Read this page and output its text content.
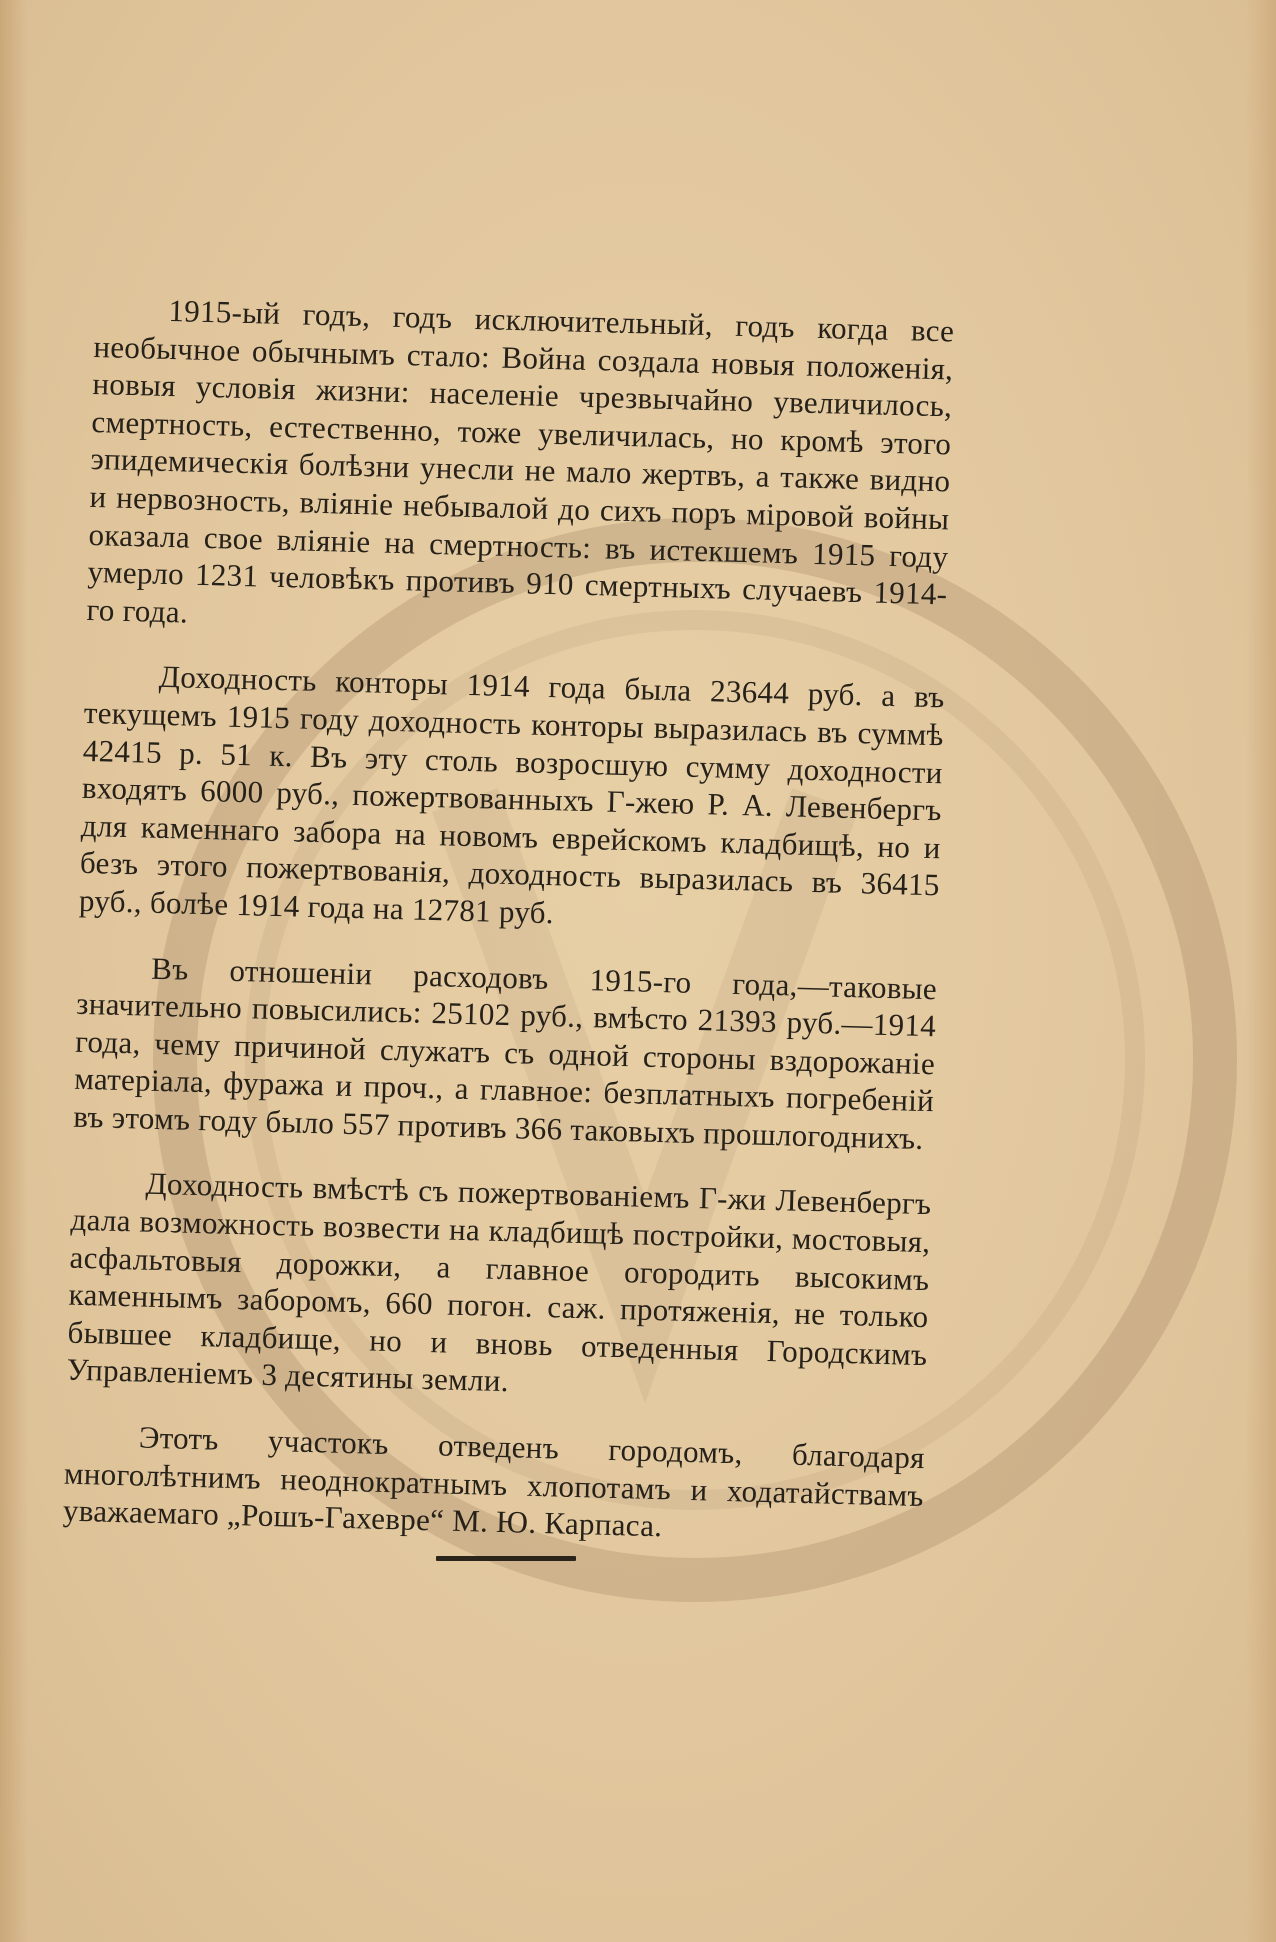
1915-ый годъ, годъ исключительный, годъ когда все необычное обычнымъ стало: Война создала новыя положенія, новыя условія жизни: населеніе чрезвычайно увеличилось, смертность, естественно, тоже увеличилась, но кромѣ этого эпидемическія болѣзни унесли не мало жертвъ, а также видно и нервозность, вліяніе небывалой до сихъ поръ міровой войны оказала свое вліяніе на смертность: въ истекшемъ 1915 году умерло 1231 человѣкъ противъ 910 смертныхъ случаевъ 1914-го года.

Доходность конторы 1914 года была 23644 руб. а въ текущемъ 1915 году доходность конторы выразилась въ суммѣ 42415 р. 51 к. Въ эту столь возросшую сумму доходности входятъ 6000 руб., пожертвованныхъ Г-жею Р. А. Левенбергъ для каменнаго забора на новомъ еврейскомъ кладбищѣ, но и безъ этого пожертвованія, доходность выразилась въ 36415 руб., болѣе 1914 года на 12781 руб.

Въ отношеніи расходовъ 1915-го года,—таковые значительно повысились: 25102 руб., вмѣсто 21393 руб.—1914 года, чему причиной служатъ съ одной стороны вздорожаніе матеріала, фуража и проч., а главное: безплатныхъ погребеній въ этомъ году было 557 противъ 366 таковыхъ прошлогоднихъ.

Доходность вмѣстѣ съ пожертвованіемъ Г-жи Левенбергъ дала возможность возвести на кладбищѣ постройки, мостовыя, асфальтовыя дорожки, а главное огородить высокимъ каменнымъ заборомъ, 660 погон. саж. протяженія, не только бывшее кладбище, но и вновь отведенныя Городскимъ Управленіемъ 3 десятины земли.

Этотъ участокъ отведенъ городомъ, благодаря многолѣтнимъ неоднократнымъ хлопотамъ и ходатайствамъ уважаемаго „Рошъ-Гахевре“ М. Ю. Карпаса.
